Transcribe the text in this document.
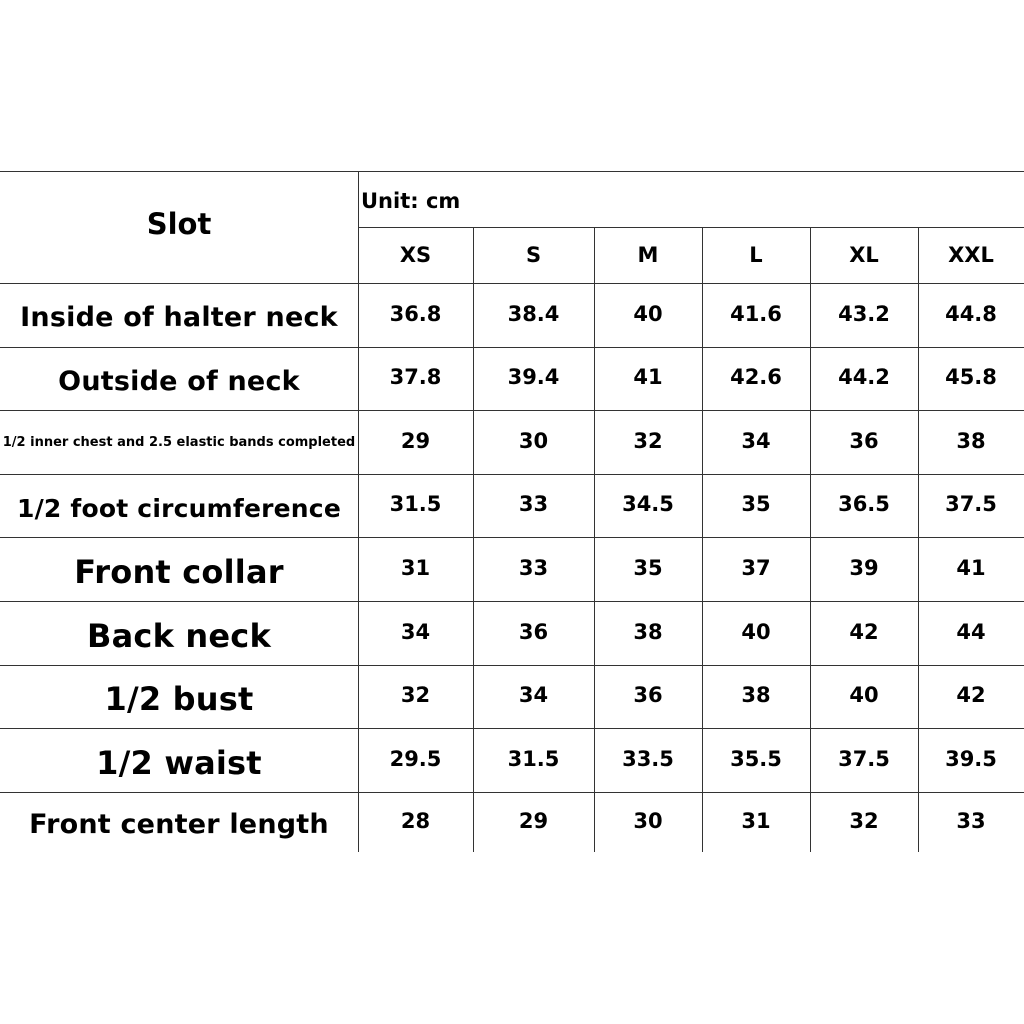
Slot
Unit: cm
XS	S	M	L	XL	XXL
Inside of halter neck	36.8	38.4	40	41.6	43.2	44.8
Outside of neck	37.8	39.4	41	42.6	44.2	45.8
1/2 inner chest and 2.5 elastic bands completed	29	30	32	34	36	38
1/2 foot circumference	31.5	33	34.5	35	36.5	37.5
Front collar	31	33	35	37	39	41
Back neck	34	36	38	40	42	44
1/2 bust	32	34	36	38	40	42
1/2 waist	29.5	31.5	33.5	35.5	37.5	39.5
Front center length	28	29	30	31	32	33
